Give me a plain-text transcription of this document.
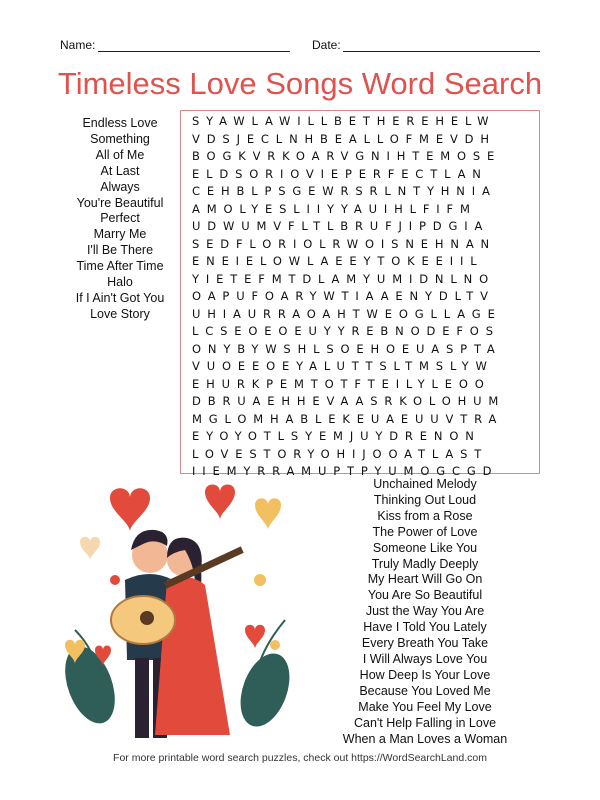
Name:	Date:
Timeless Love Songs Word Search
Endless Love
Something
All of Me
At Last
Always
You're Beautiful
Perfect
Marry Me
I'll Be There
Time After Time
Halo
If I Ain't Got You
Love Story
SYAWLAWILLBETHEREHELW
VDSJECLNHBEALLOFMEVDH
BOGKVRKOARVGNIHTEMOSE
ELDSORIOVIEPERFECTLAN
CEHBLPSGEWRSRLNTYHNIA
AMOLYESLIIYYAUIHLFIFM
UDWUMVFLTLBRUFJIPDGIA
SEDFLORIOLRWOISNEHNAN
ENEIELOWLAEEYTOKEEIIL
YIETEFMTDLAMYUMIDNLNO
OAPUFOARYWTIAAENYDLTV
UHIAURRAOAHTWEOGLLAGE
LCSEOEOEUYYREBNODEFOS
ONYBYWSHLSOEHOEUASPTA
VUOEEOEYALUTTSLTMSLYW
EHURKPEMTOTFTEILYLEOO
DBRUAEHHEVAASRKOLOHUM
MGLOMHABLEKEUAEUUVTRA
EYOYOTLSYEMJUYDRENON
LOVESTORYOHIJOOATLAST
IIEMYRRAMUPTPYUMOGCGD
Unchained Melody
Thinking Out Loud
Kiss from a Rose
The Power of Love
Someone Like You
Truly Madly Deeply
My Heart Will Go On
You Are So Beautiful
Just the Way You Are
Have I Told You Lately
Every Breath You Take
I Will Always Love You
How Deep Is Your Love
Because You Loved Me
Make You Feel My Love
Can't Help Falling in Love
When a Man Loves a Woman
For more printable word search puzzles, check out https://WordSearchLand.com
